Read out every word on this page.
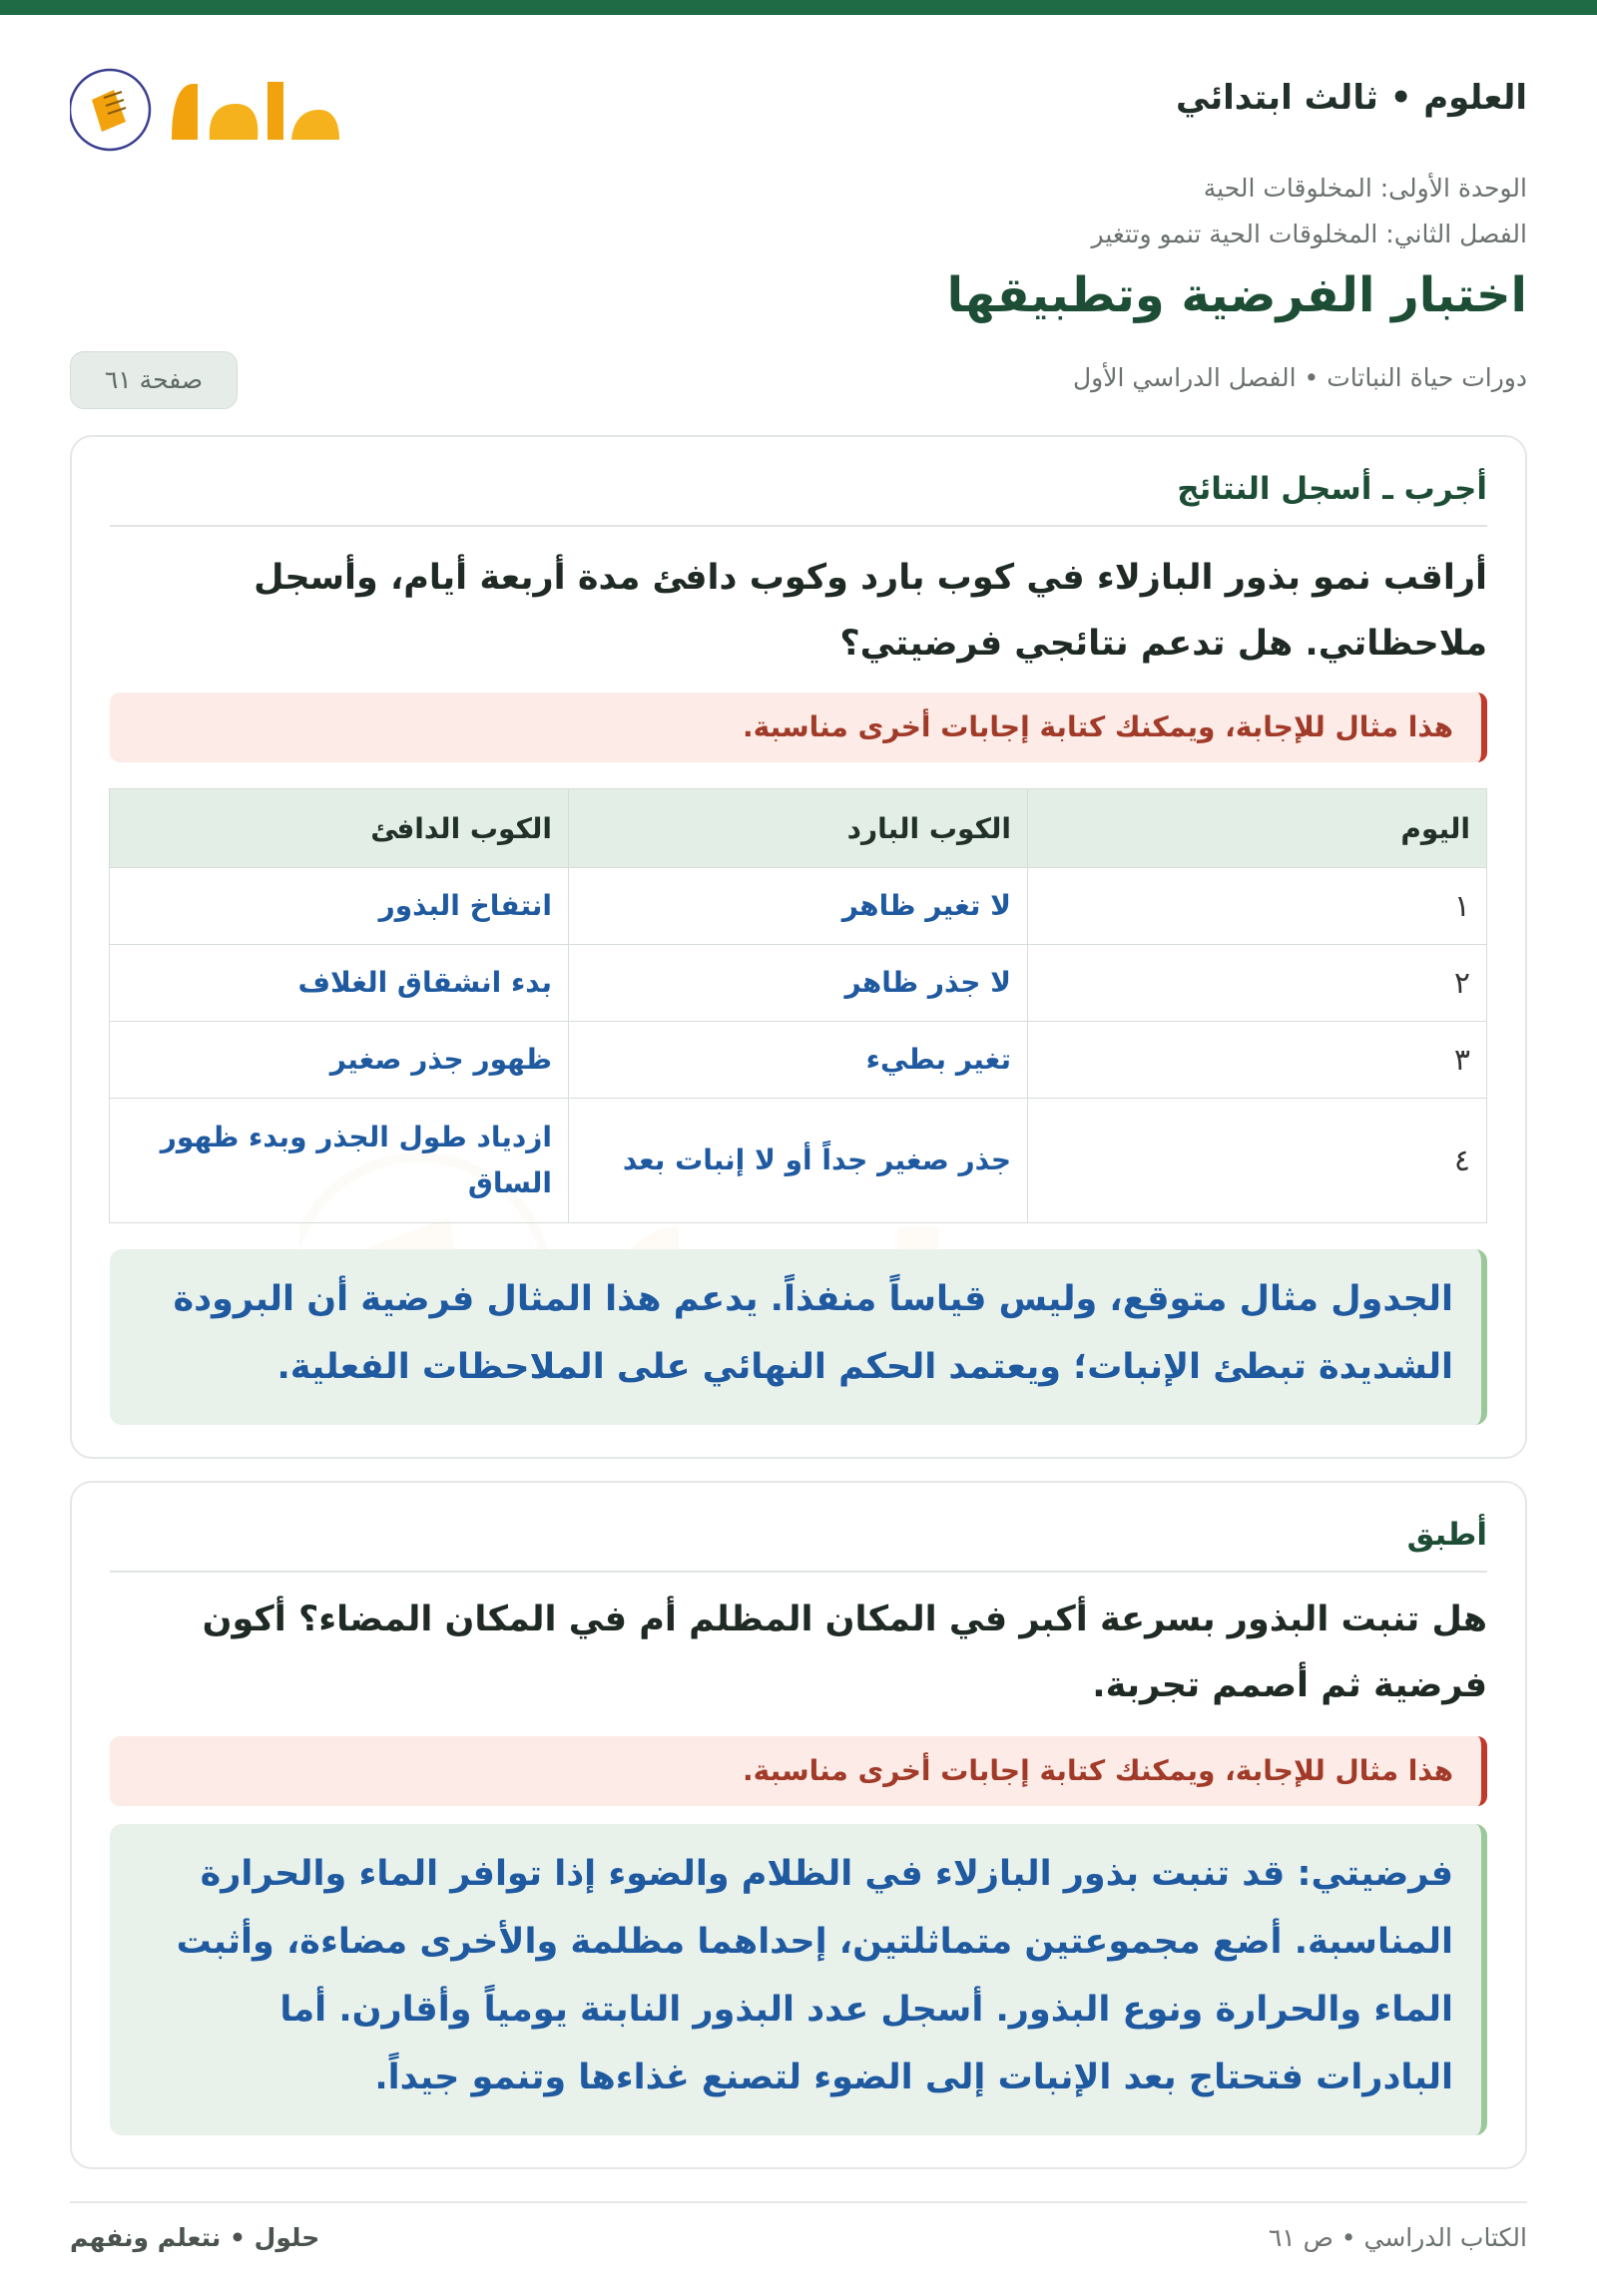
العلوم • ثالث ابتدائي
الوحدة الأولى: المخلوقات الحية
الفصل الثاني: المخلوقات الحية تنمو وتتغير
اختبار الفرضية وتطبيقها
دورات حياة النباتات • الفصل الدراسي الأول
صفحة ٦١
حلول
أجرب ـ أسجل النتائج
أراقب نمو بذور البازلاء في كوب بارد وكوب دافئ مدة أربعة أيام، وأسجل ملاحظاتي. هل تدعم نتائجي فرضيتي؟
هذا مثال للإجابة، ويمكنك كتابة إجابات أخرى مناسبة.
اليوم	الكوب البارد	الكوب الدافئ
١	لا تغير ظاهر	انتفاخ البذور
٢	لا جذر ظاهر	بدء انشقاق الغلاف
٣	تغير بطيء	ظهور جذر صغير
٤	جذر صغير جداً أو لا إنبات بعد	ازدياد طول الجذر وبدء ظهور الساق
الجدول مثال متوقع، وليس قياساً منفذاً. يدعم هذا المثال فرضية أن البرودة الشديدة تبطئ الإنبات؛ ويعتمد الحكم النهائي على الملاحظات الفعلية.
أطبق
هل تنبت البذور بسرعة أكبر في المكان المظلم أم في المكان المضاء؟ أكون فرضية ثم أصمم تجربة.
هذا مثال للإجابة، ويمكنك كتابة إجابات أخرى مناسبة.
فرضيتي: قد تنبت بذور البازلاء في الظلام والضوء إذا توافر الماء والحرارة المناسبة. أضع مجموعتين متماثلتين، إحداهما مظلمة والأخرى مضاءة، وأثبت الماء والحرارة ونوع البذور. أسجل عدد البذور النابتة يومياً وأقارن. أما البادرات فتحتاج بعد الإنبات إلى الضوء لتصنع غذاءها وتنمو جيداً.
حلول • نتعلم ونفهم	الكتاب الدراسي • ص ٦١
